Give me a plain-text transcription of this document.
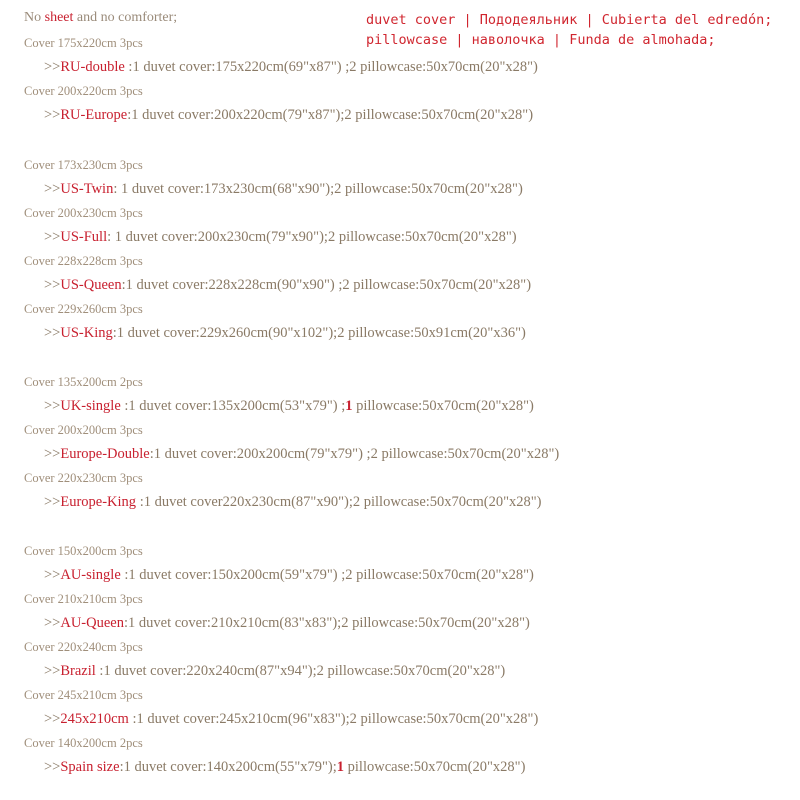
No sheet and no comforter;	duvet cover | Пододеяльник | Cubierta del edredón;
pillowcase | наволочка | Funda de almohada;
Cover 175x220cm 3pcs
>>RU-double :1 duvet cover:175x220cm(69"x87") ;2 pillowcase:50x70cm(20"x28")
Cover 200x220cm 3pcs
>>RU-Europe:1 duvet cover:200x220cm(79"x87");2 pillowcase:50x70cm(20"x28")
Cover 173x230cm 3pcs
>>US-Twin: 1 duvet cover:173x230cm(68"x90");2 pillowcase:50x70cm(20"x28")
Cover 200x230cm 3pcs
>>US-Full: 1 duvet cover:200x230cm(79"x90");2 pillowcase:50x70cm(20"x28")
Cover 228x228cm 3pcs
>>US-Queen:1 duvet cover:228x228cm(90"x90") ;2 pillowcase:50x70cm(20"x28")
Cover 229x260cm 3pcs
>>US-King:1 duvet cover:229x260cm(90"x102");2 pillowcase:50x91cm(20"x36")
Cover 135x200cm 2pcs
>>UK-single :1 duvet cover:135x200cm(53"x79") ;1 pillowcase:50x70cm(20"x28")
Cover 200x200cm 3pcs
>>Europe-Double:1 duvet cover:200x200cm(79"x79") ;2 pillowcase:50x70cm(20"x28")
Cover 220x230cm 3pcs
>>Europe-King :1 duvet cover220x230cm(87"x90");2 pillowcase:50x70cm(20"x28")
Cover 150x200cm 3pcs
>>AU-single :1 duvet cover:150x200cm(59"x79") ;2 pillowcase:50x70cm(20"x28")
Cover 210x210cm 3pcs
>>AU-Queen:1 duvet cover:210x210cm(83"x83");2 pillowcase:50x70cm(20"x28")
Cover 220x240cm 3pcs
>>Brazil :1 duvet cover:220x240cm(87"x94");2 pillowcase:50x70cm(20"x28")
Cover 245x210cm 3pcs
>>245x210cm :1 duvet cover:245x210cm(96"x83");2 pillowcase:50x70cm(20"x28")
Cover 140x200cm 2pcs
>>Spain size:1 duvet cover:140x200cm(55"x79");1 pillowcase:50x70cm(20"x28")
